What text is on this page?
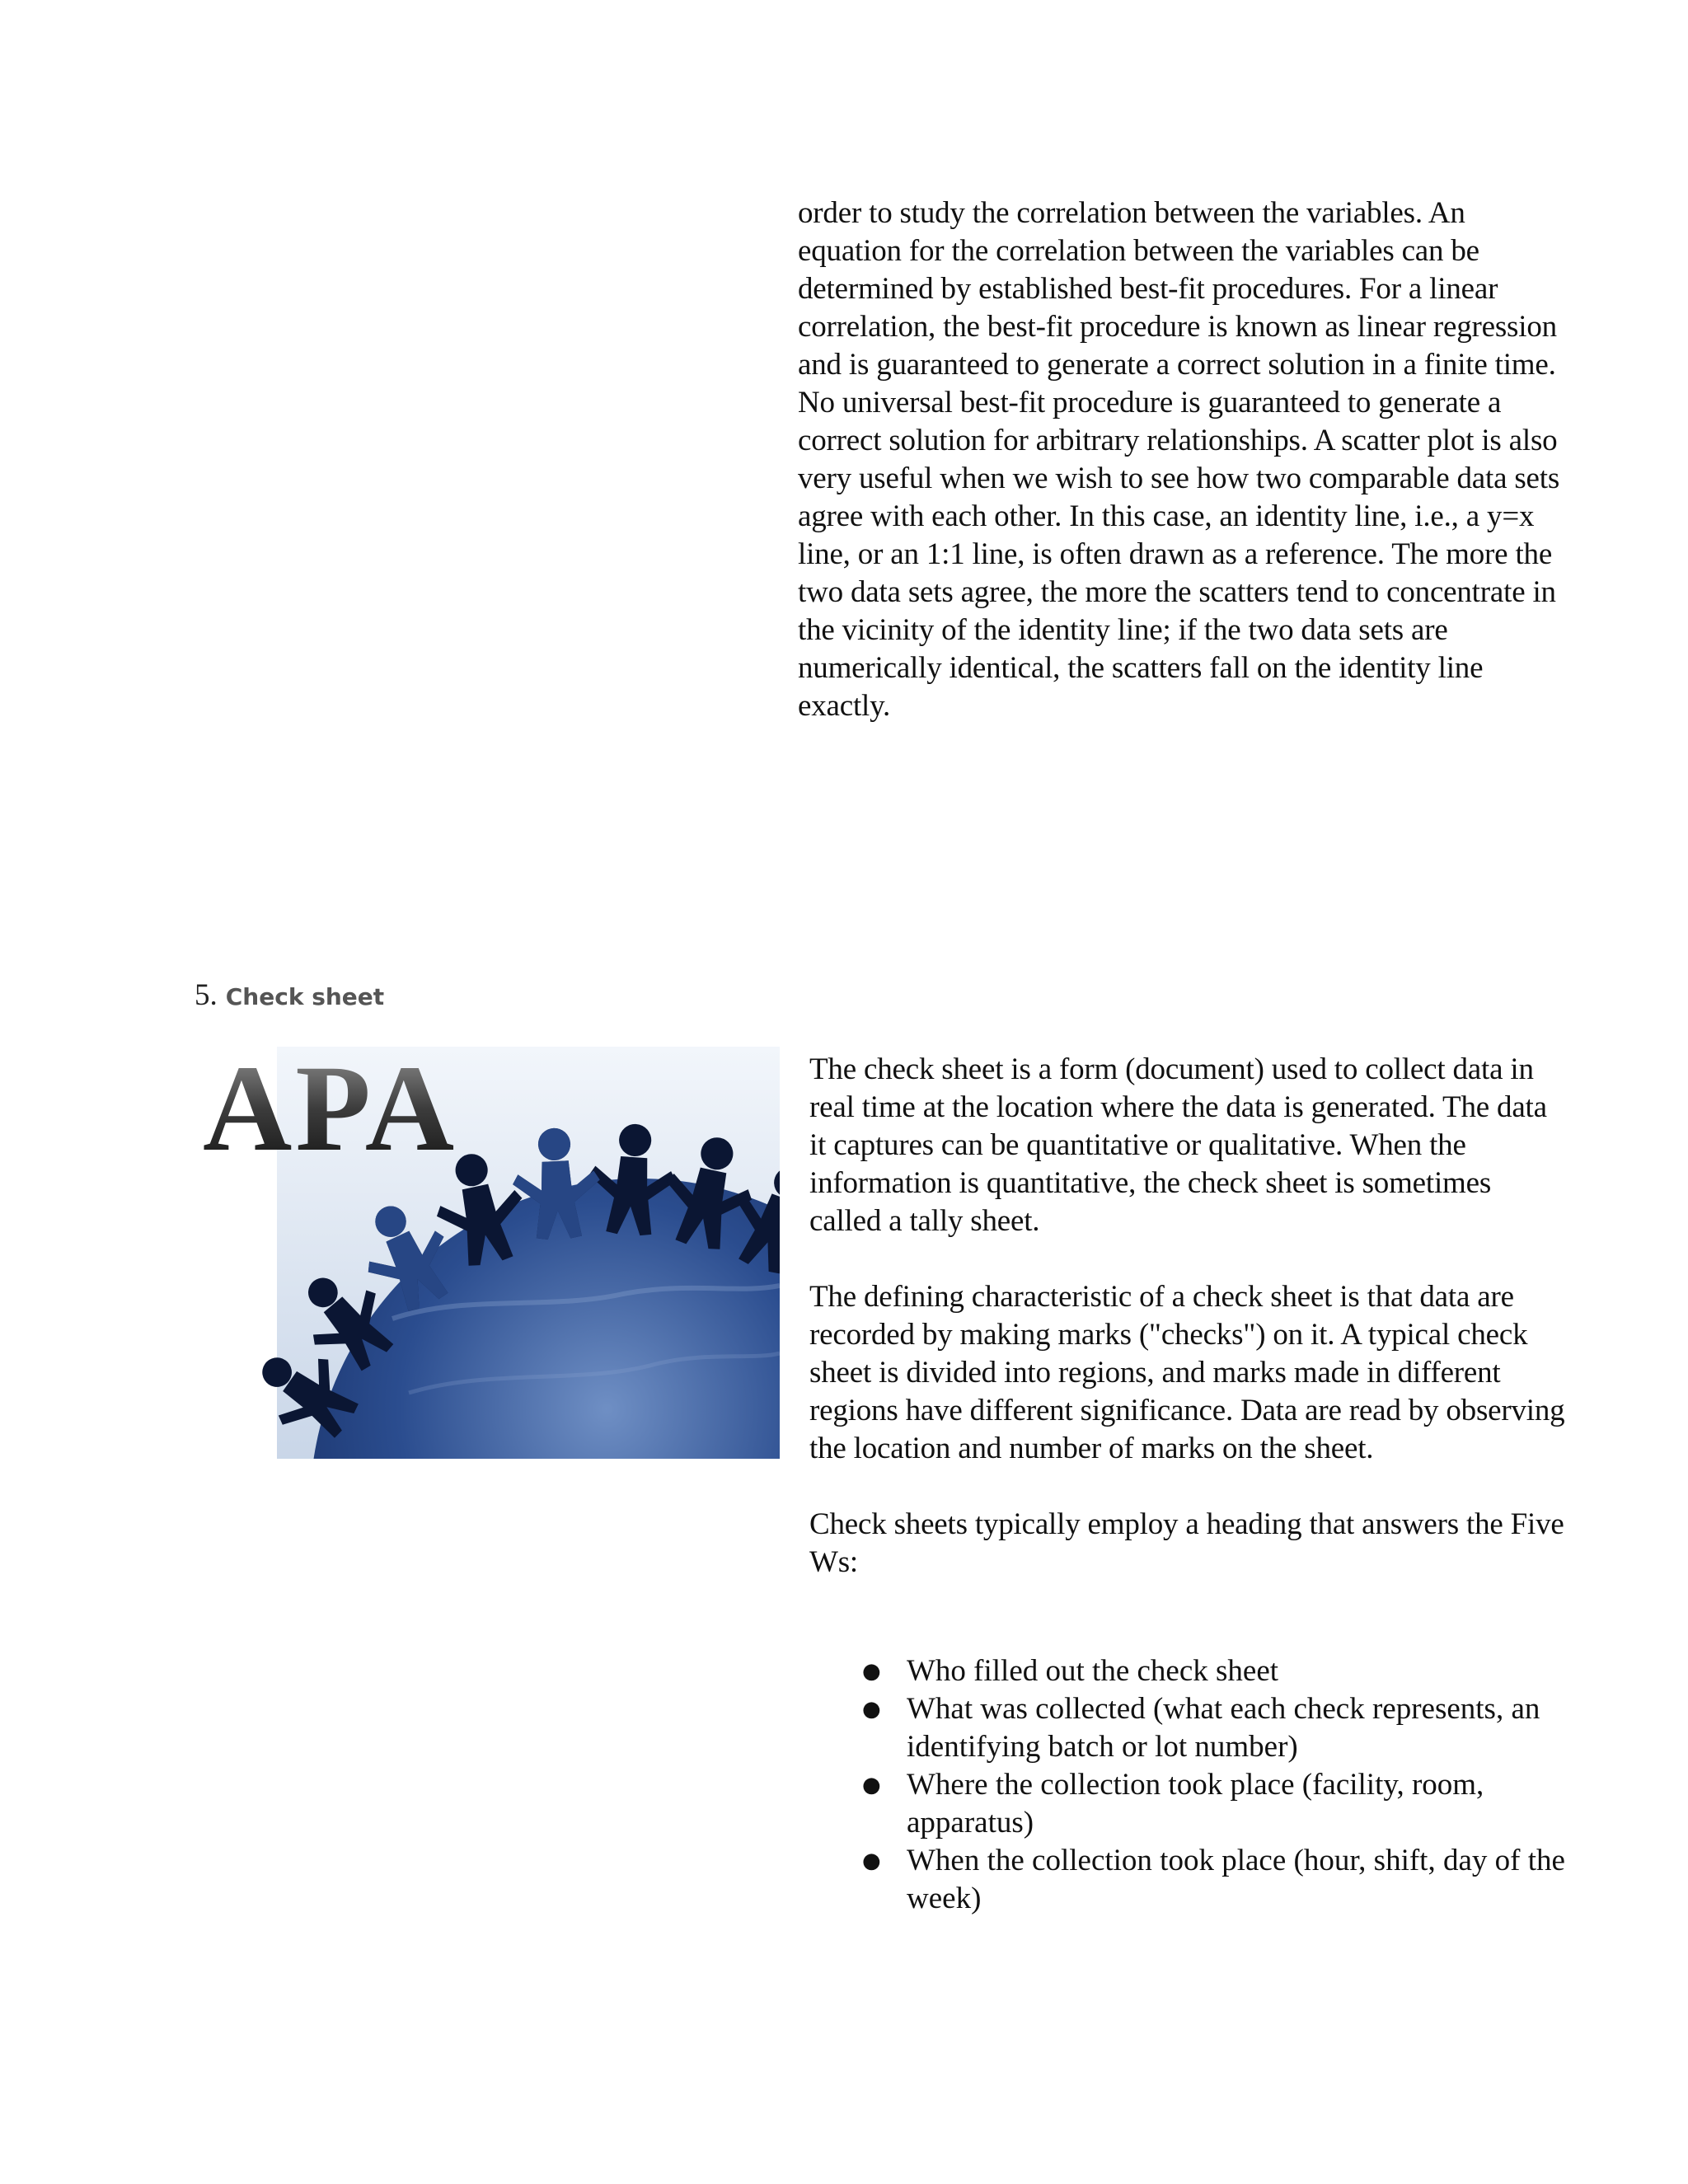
order to study the correlation between the variables. An equation for the correlation between the variables can be determined by established best-fit procedures. For a linear correlation, the best-fit procedure is known as linear regression and is guaranteed to generate a correct solution in a finite time. No universal best-fit procedure is guaranteed to generate a correct solution for arbitrary relationships. A scatter plot is also very useful when we wish to see how two comparable data sets agree with each other. In this case, an identity line, i.e., a y=x line, or an 1:1 line, is often drawn as a reference. The more the two data sets agree, the more the scatters tend to concentrate in the vicinity of the identity line; if the two data sets are numerically identical, the scatters fall on the identity line exactly.

5. Check sheet
APA	The check sheet is a form (document) used to collect data in real time at the location where the data is generated. The data it captures can be quantitative or qualitative. When the information is quantitative, the check sheet is sometimes called a tally sheet.

The defining characteristic of a check sheet is that data are recorded by making marks ("checks") on it. A typical check sheet is divided into regions, and marks made in different regions have different significance. Data are read by observing the location and number of marks on the sheet.

Check sheets typically employ a heading that answers the Five Ws:

● Who filled out the check sheet
● What was collected (what each check represents, an identifying batch or lot number)
● Where the collection took place (facility, room, apparatus)
● When the collection took place (hour, shift, day of the week)
